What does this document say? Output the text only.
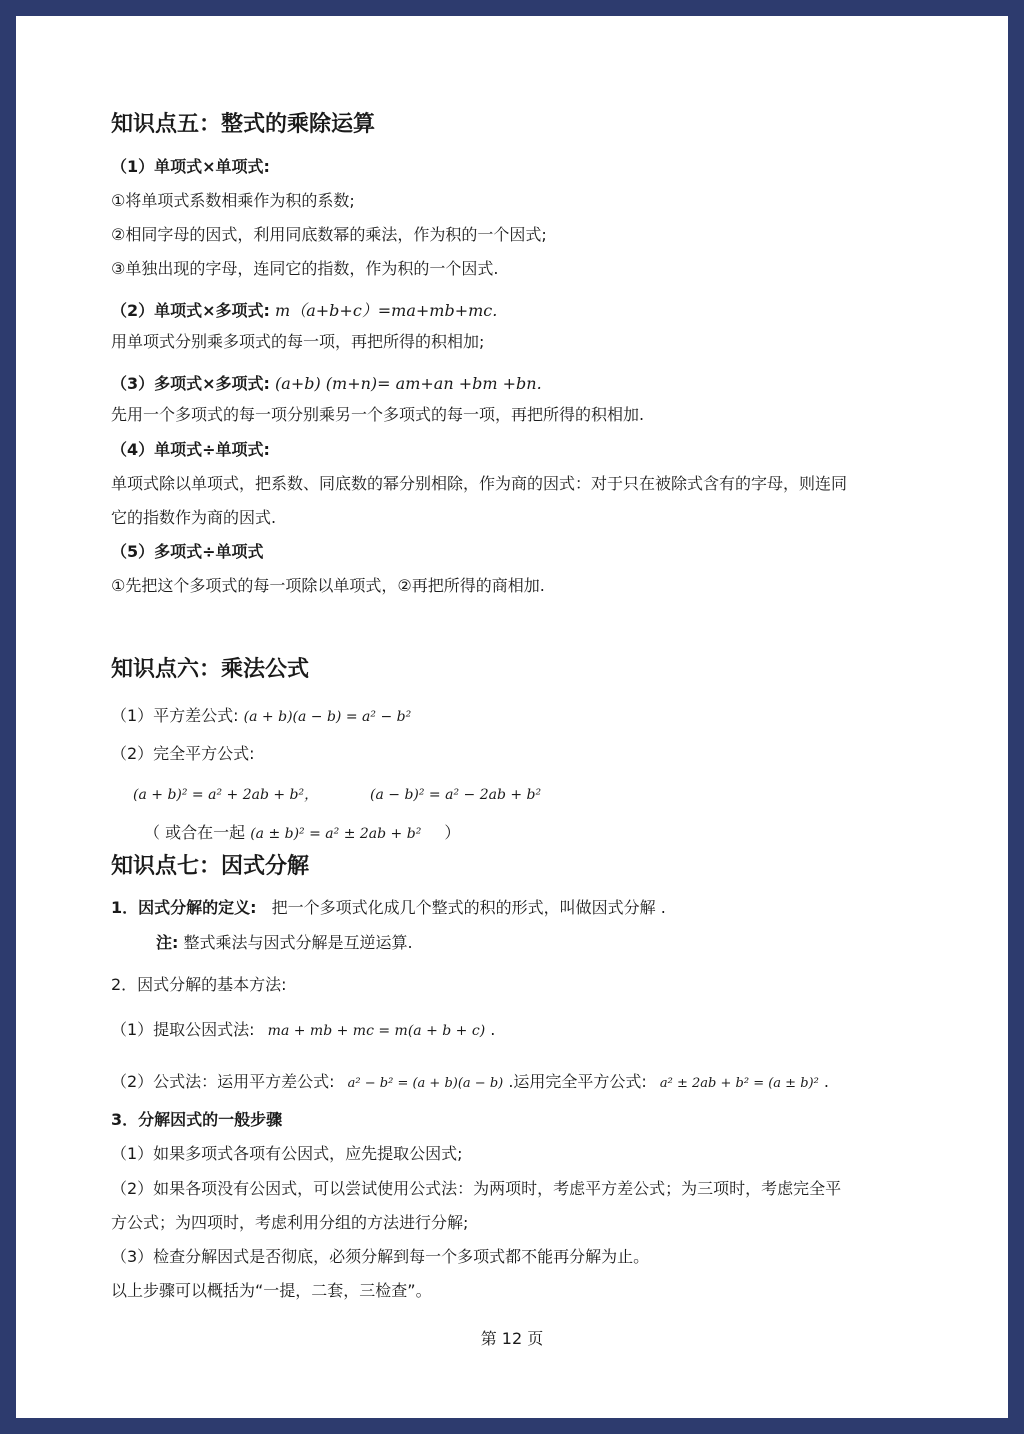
知识点五：整式的乘除运算
（1）单项式×单项式:
①将单项式系数相乘作为积的系数;
②相同字母的因式，利用同底数幂的乘法，作为积的一个因式;
③单独出现的字母，连同它的指数，作为积的一个因式.
（2）单项式×多项式: m（a+b+c）=ma+mb+mc.
用单项式分别乘多项式的每一项，再把所得的积相加;
（3）多项式×多项式: (a+b) (m+n)= am+an +bm +bn.
先用一个多项式的每一项分别乘另一个多项式的每一项，再把所得的积相加.
（4）单项式÷单项式:
单项式除以单项式，把系数、同底数的幂分别相除，作为商的因式：对于只在被除式含有的字母，则连同
它的指数作为商的因式.
（5）多项式÷单项式
①先把这个多项式的每一项除以单项式，②再把所得的商相加.
知识点六：乘法公式
（1）平方差公式: (a + b)(a − b) = a² − b²
（2）完全平方公式:
(a + b)² = a² + 2ab + b²，	(a − b)² = a² − 2ab + b²
（ 或合在一起 (a ± b)² = a² ± 2ab + b² ）
知识点七：因式分解
1．因式分解的定义: 把一个多项式化成几个整式的积的形式，叫做因式分解 .
注: 整式乘法与因式分解是互逆运算.
2．因式分解的基本方法:
（1）提取公因式法: ma + mb + mc = m(a + b + c) .
（2）公式法：运用平方差公式: a² − b² = (a + b)(a − b) .运用完全平方公式: a² ± 2ab + b² = (a ± b)² .
3．分解因式的一般步骤
（1）如果多项式各项有公因式，应先提取公因式;
（2）如果各项没有公因式，可以尝试使用公式法：为两项时，考虑平方差公式；为三项时，考虑完全平
方公式；为四项时，考虑利用分组的方法进行分解;
（3）检查分解因式是否彻底，必须分解到每一个多项式都不能再分解为止。
以上步骤可以概括为“一提，二套，三检查”。
第 12 页
